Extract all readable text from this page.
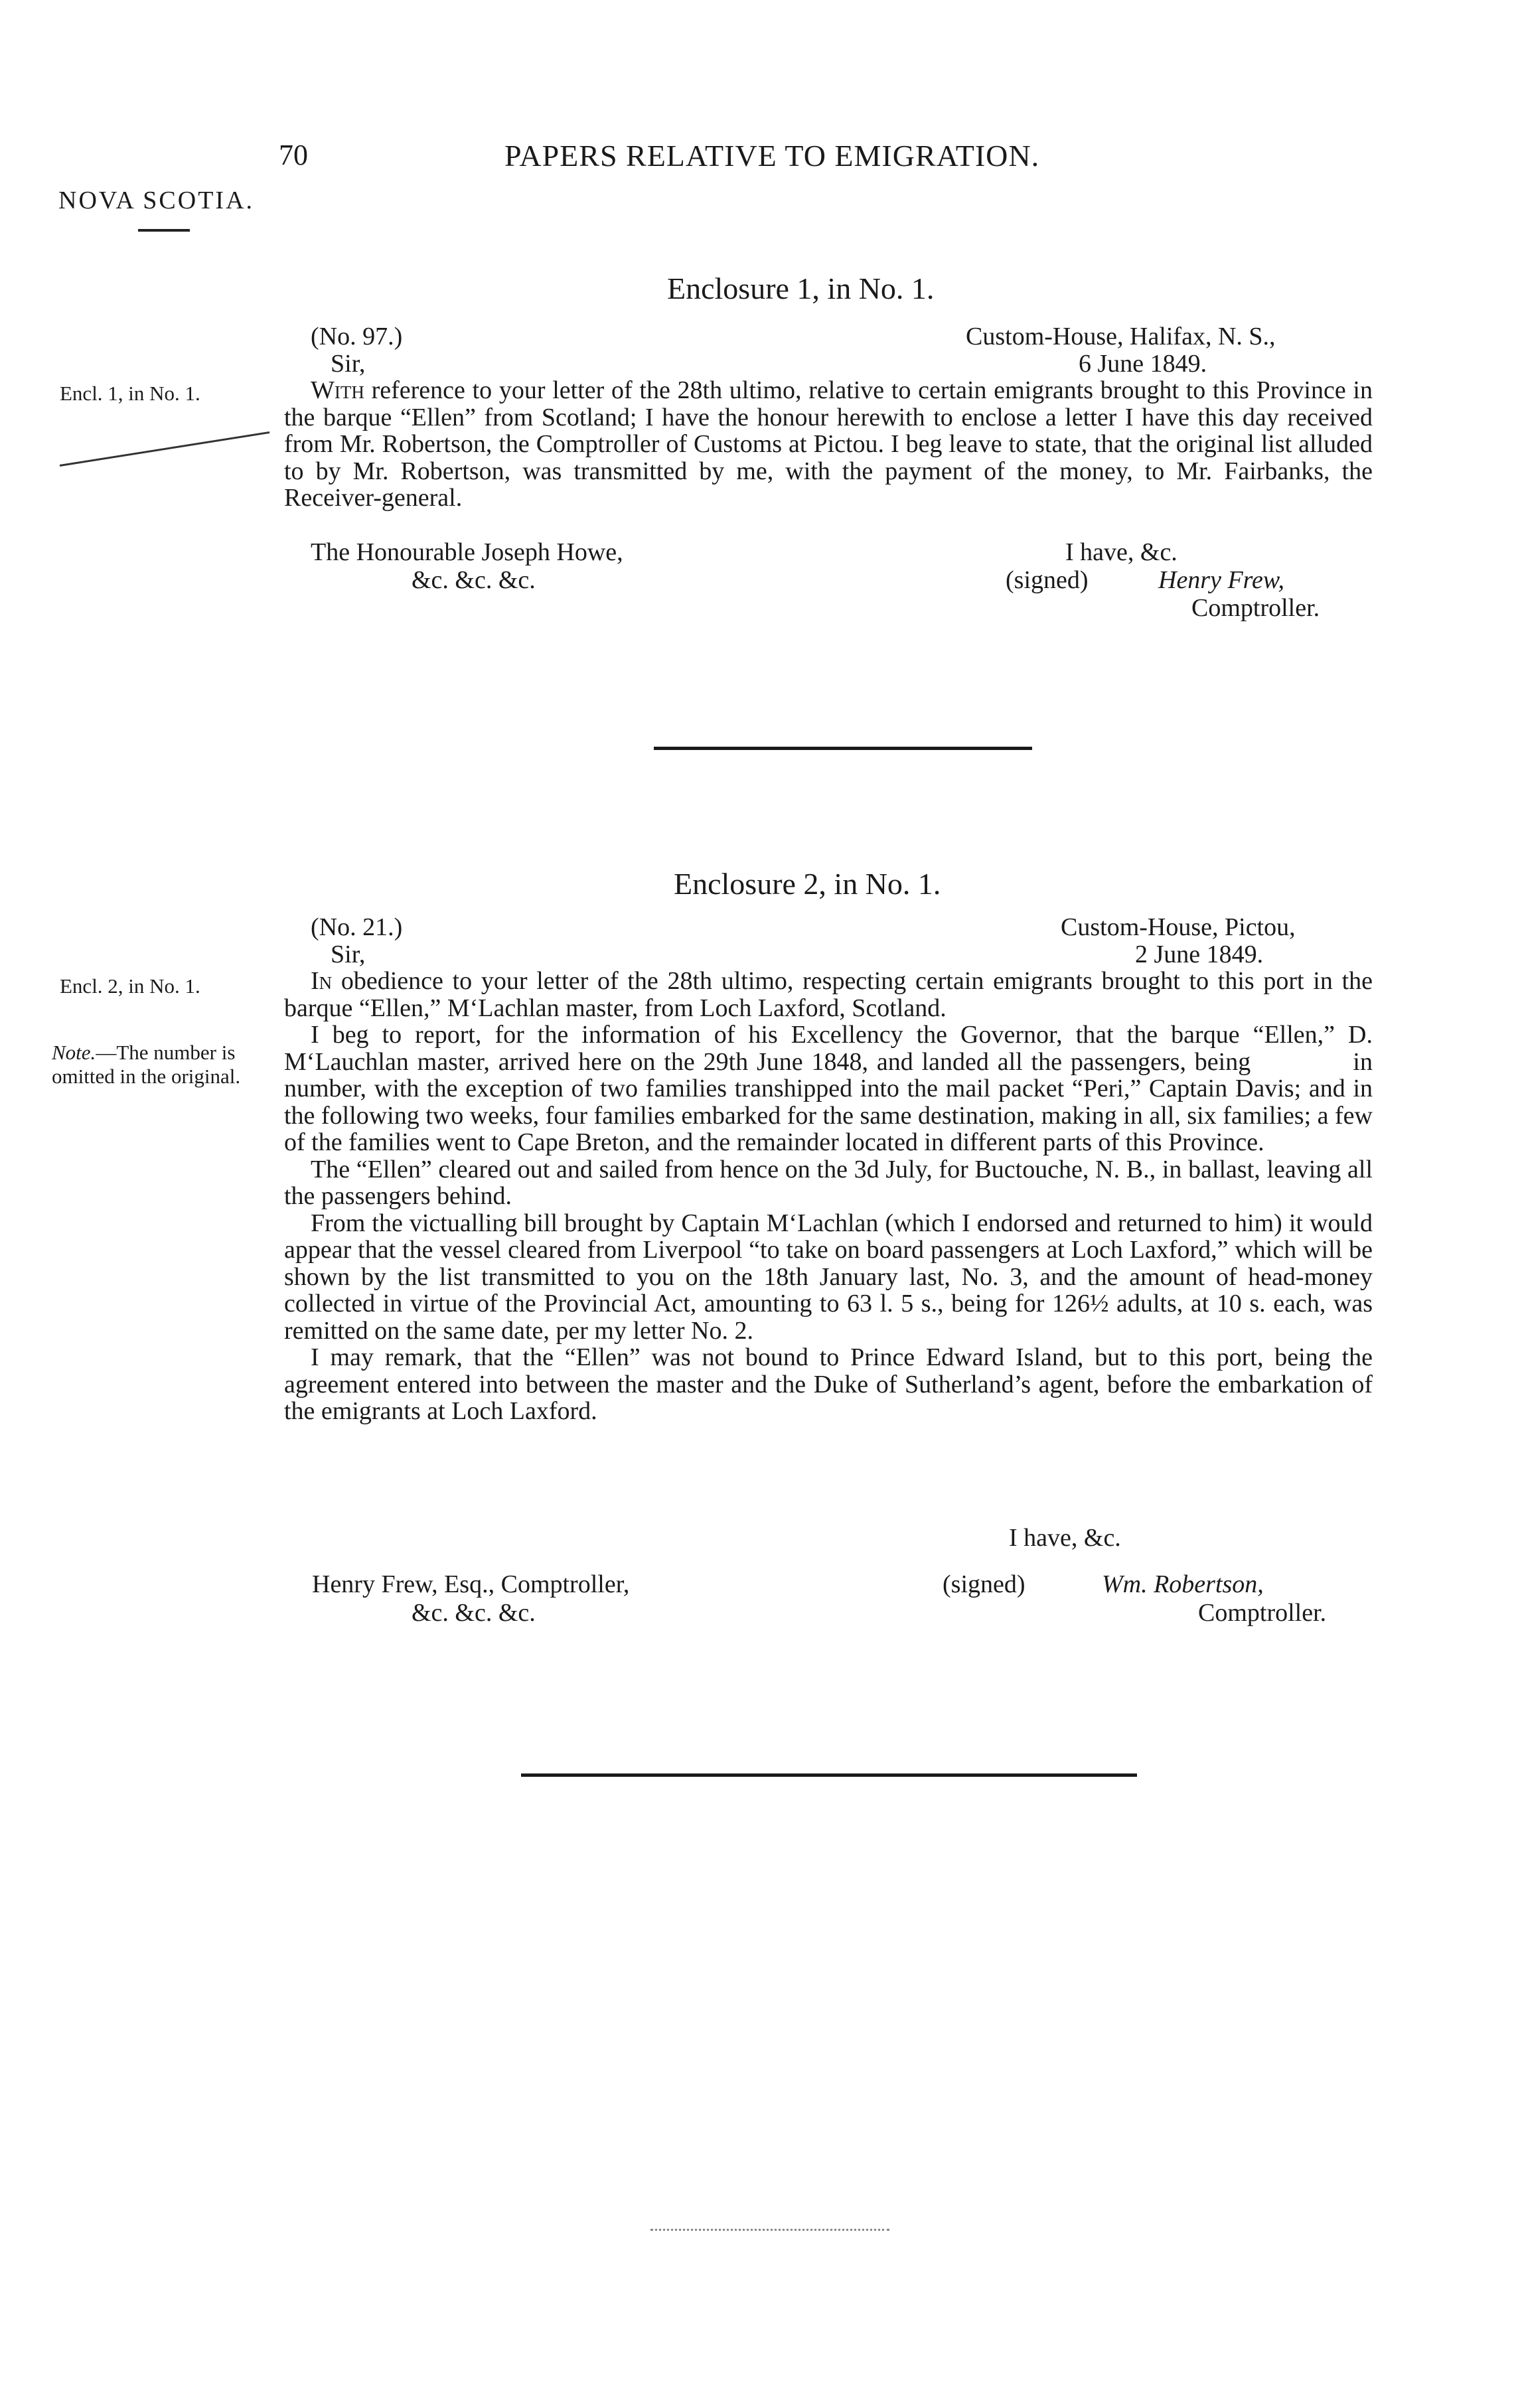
70	PAPERS RELATIVE TO EMIGRATION.
NOVA SCOTIA.
Enclosure 1, in No. 1.
Encl. 1, in No. 1.
(No. 97.)	Custom-House, Halifax, N. S.,
Sir,	6 June 1849.

With reference to your letter of the 28th ultimo, relative to certain emigrants brought to this Province in the barque “Ellen” from Scotland; I have the honour herewith to enclose a letter I have this day received from Mr. Robertson, the Comptroller of Customs at Pictou. I beg leave to state, that the original list alluded to by Mr. Robertson, was transmitted by me, with the payment of the money, to Mr. Fairbanks, the Receiver-general.

The Honourable Joseph Howe,
&c. &c. &c.
I have, &c.
(signed)	Henry Frew,
Comptroller.
Enclosure 2, in No. 1.
Encl. 2, in No. 1.
Note.—The number is omitted in the original.
(No. 21.)	Custom-House, Pictou,
Sir,	2 June 1849.

In obedience to your letter of the 28th ultimo, respecting certain emigrants brought to this port in the barque “Ellen,” M‘Lachlan master, from Loch Laxford, Scotland.

I beg to report, for the information of his Excellency the Governor, that the barque “Ellen,” D. M‘Lauchlan master, arrived here on the 29th June 1848, and landed all the passengers, being            in number, with the exception of two families transhipped into the mail packet “Peri,” Captain Davis; and in the following two weeks, four families embarked for the same destination, making in all, six families; a few of the families went to Cape Breton, and the remainder located in different parts of this Province.

The “Ellen” cleared out and sailed from hence on the 3d July, for Buctouche, N. B., in ballast, leaving all the passengers behind.

From the victualling bill brought by Captain M‘Lachlan (which I endorsed and returned to him) it would appear that the vessel cleared from Liverpool “to take on board passengers at Loch Laxford,” which will be shown by the list transmitted to you on the 18th January last, No. 3, and the amount of head-money collected in virtue of the Provincial Act, amounting to 63 l. 5 s., being for 126½ adults, at 10 s. each, was remitted on the same date, per my letter No. 2.

I may remark, that the “Ellen” was not bound to Prince Edward Island, but to this port, being the agreement entered into between the master and the Duke of Sutherland’s agent, before the embarkation of the emigrants at Loch Laxford.

I have, &c.
Henry Frew, Esq., Comptroller,
&c. &c. &c.
(signed)	Wm. Robertson,
Comptroller.
